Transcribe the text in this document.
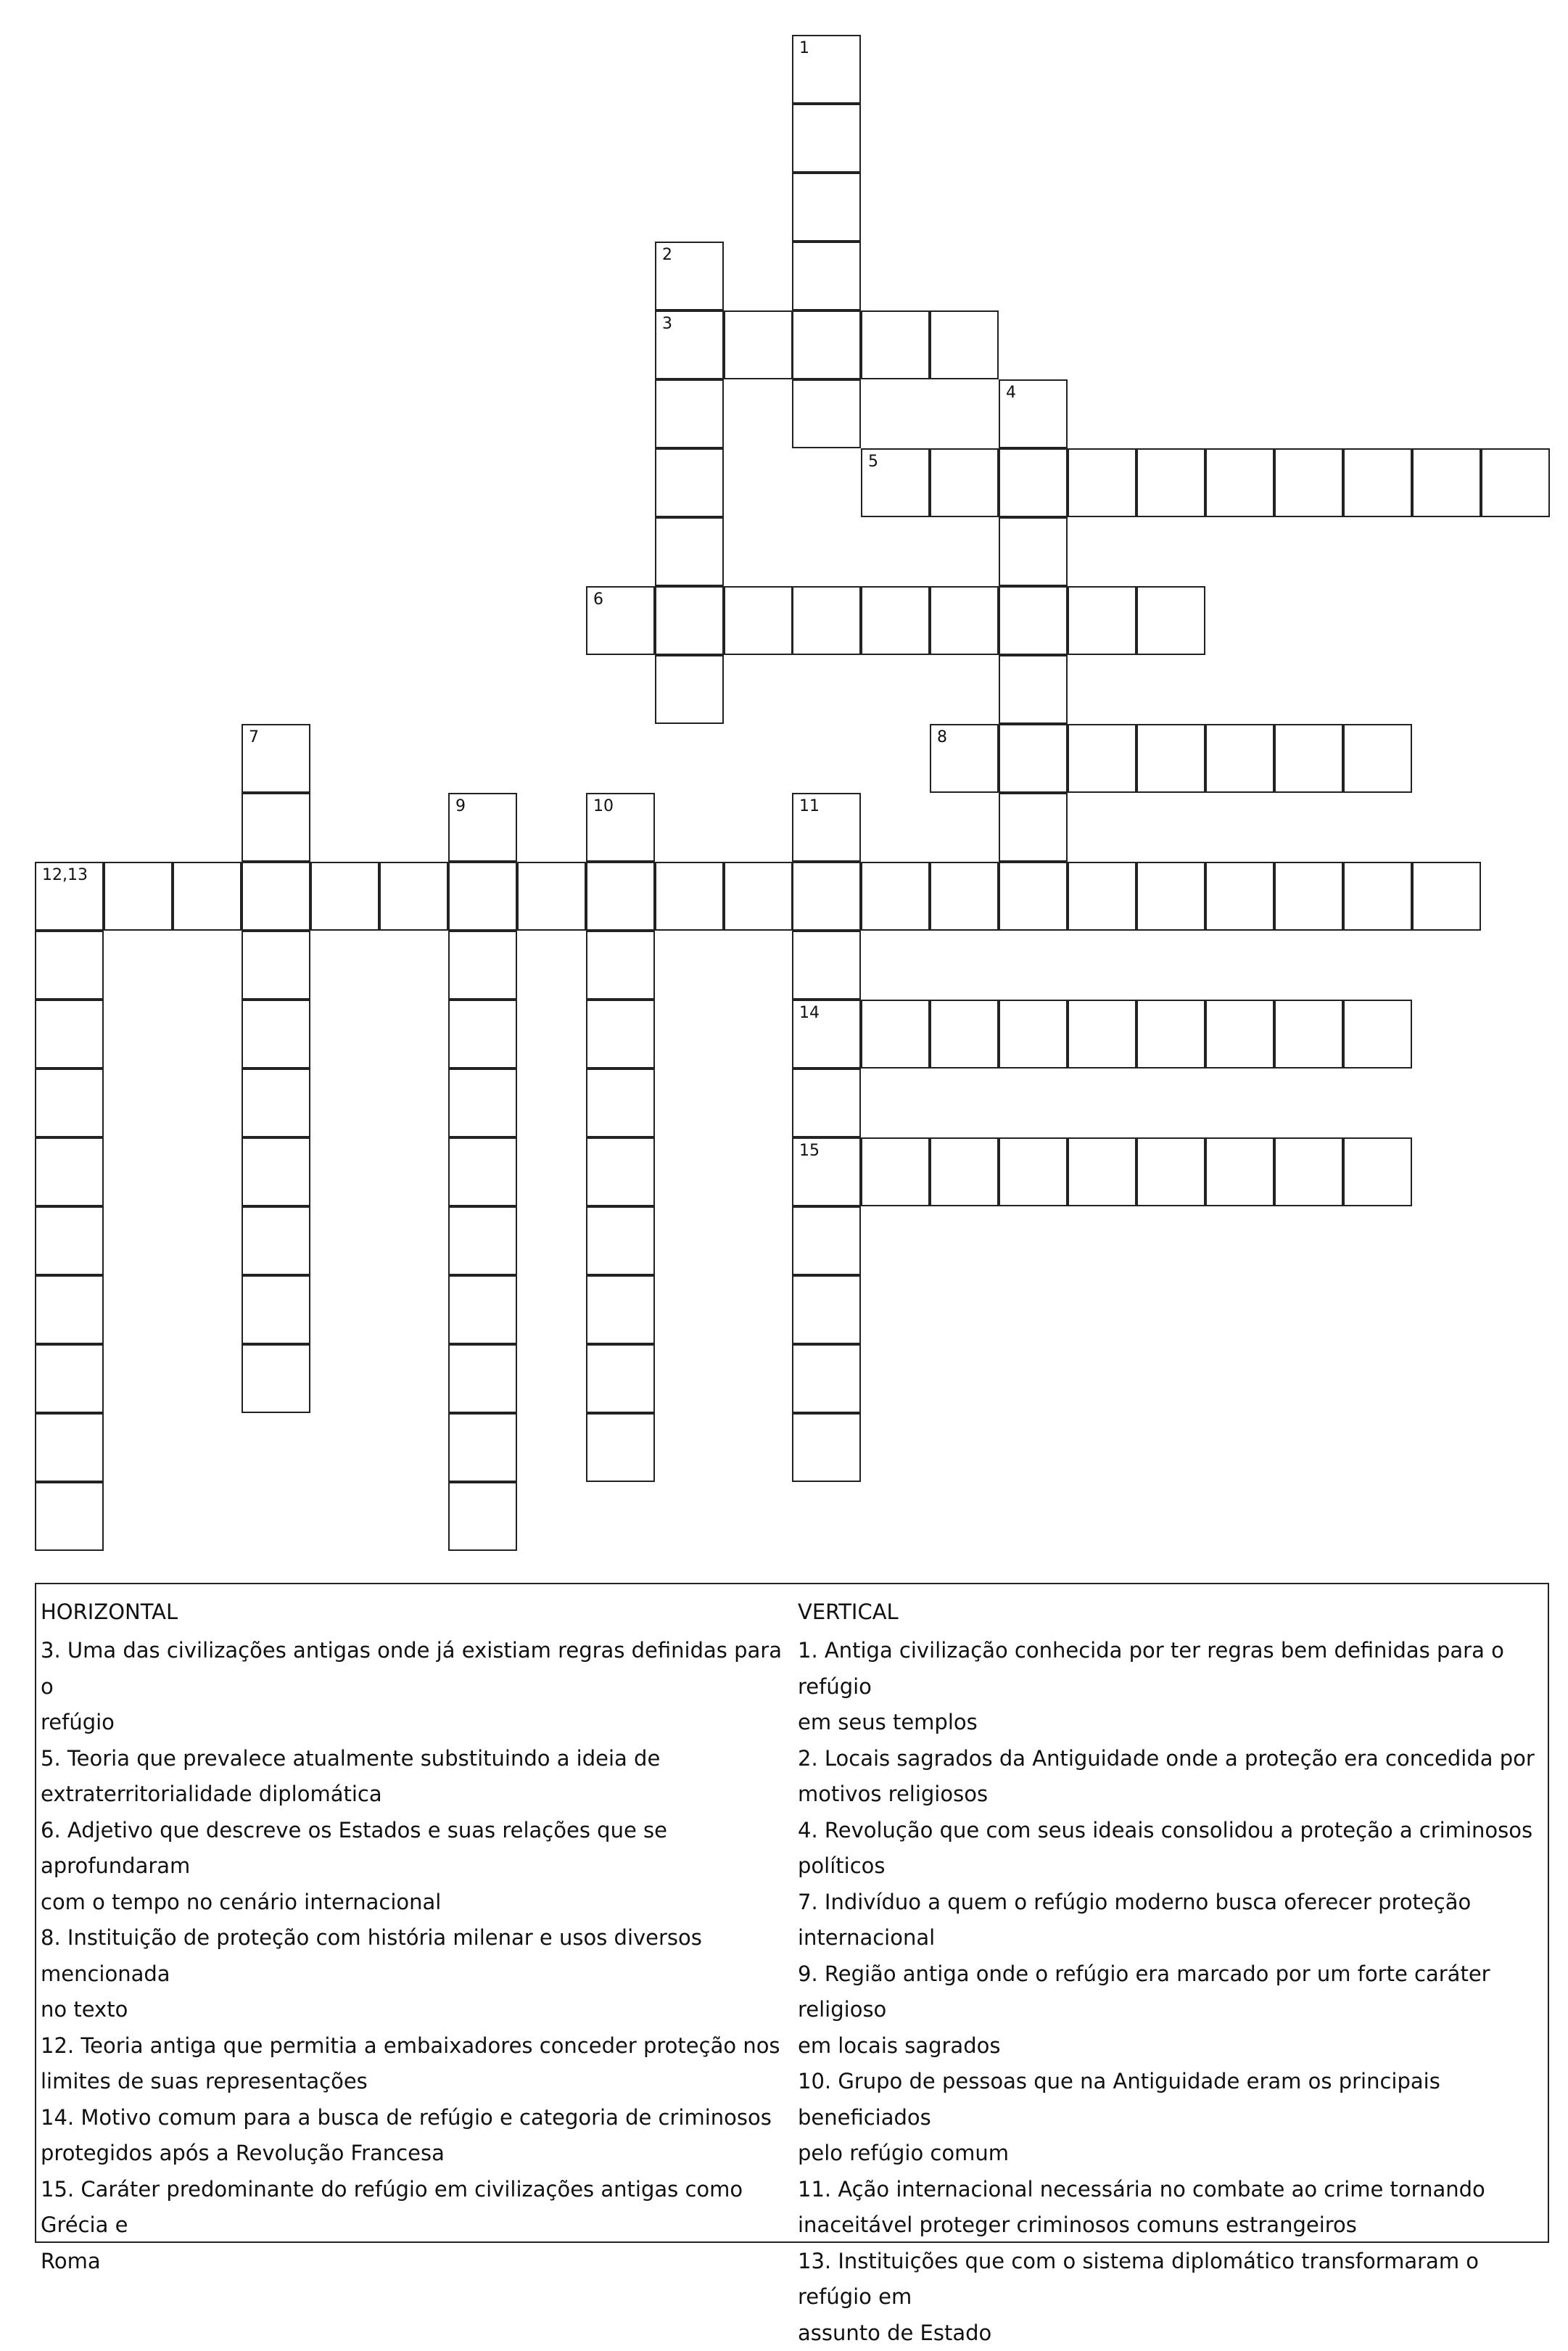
1
2
3
4
5
6
8
7
9	10	11
12,13
14
15
HORIZONTAL
3. Uma das civilizações antigas onde já existiam regras definidas para o
refúgio
5. Teoria que prevalece atualmente substituindo a ideia de
extraterritorialidade diplomática
6. Adjetivo que descreve os Estados e suas relações que se aprofundaram
com o tempo no cenário internacional
8. Instituição de proteção com história milenar e usos diversos mencionada
no texto
12. Teoria antiga que permitia a embaixadores conceder proteção nos
limites de suas representações
14. Motivo comum para a busca de refúgio e categoria de criminosos
protegidos após a Revolução Francesa
15. Caráter predominante do refúgio em civilizações antigas como Grécia e
Roma
VERTICAL
1. Antiga civilização conhecida por ter regras bem definidas para o refúgio
em seus templos
2. Locais sagrados da Antiguidade onde a proteção era concedida por
motivos religiosos
4. Revolução que com seus ideais consolidou a proteção a criminosos
políticos
7. Indivíduo a quem o refúgio moderno busca oferecer proteção
internacional
9. Região antiga onde o refúgio era marcado por um forte caráter religioso
em locais sagrados
10. Grupo de pessoas que na Antiguidade eram os principais beneficiados
pelo refúgio comum
11. Ação internacional necessária no combate ao crime tornando
inaceitável proteger criminosos comuns estrangeiros
13. Instituições que com o sistema diplomático transformaram o refúgio em
assunto de Estado
